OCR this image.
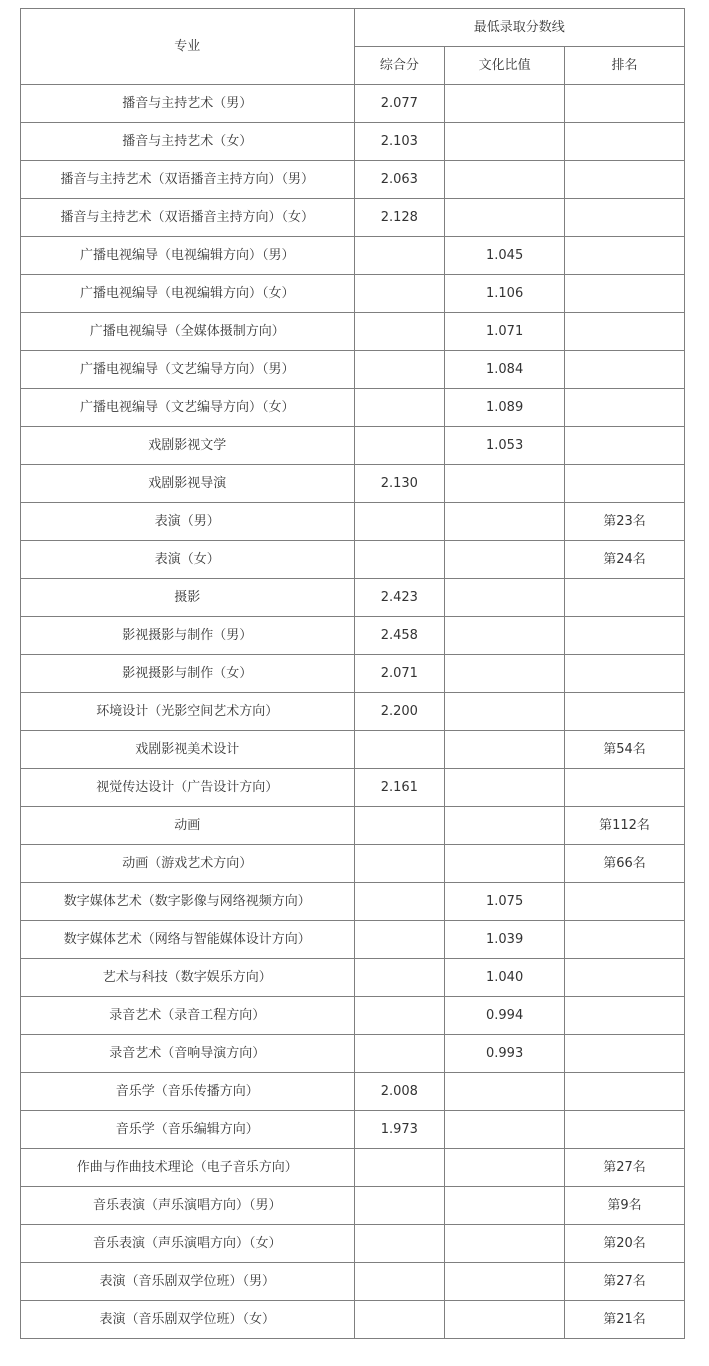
专业	最低录取分数线		
	综合分	文化比值	排名
播音与主持艺术（男）	2.077		
播音与主持艺术（女）	2.103		
播音与主持艺术（双语播音主持方向）（男）	2.063		
播音与主持艺术（双语播音主持方向）（女）	2.128		
广播电视编导（电视编辑方向）（男）		1.045	
广播电视编导（电视编辑方向）（女）		1.106	
广播电视编导（全媒体摄制方向）		1.071	
广播电视编导（文艺编导方向）（男）		1.084	
广播电视编导（文艺编导方向）（女）		1.089	
戏剧影视文学		1.053	
戏剧影视导演	2.130		
表演（男）			第23名
表演（女）			第24名
摄影	2.423		
影视摄影与制作（男）	2.458		
影视摄影与制作（女）	2.071		
环境设计（光影空间艺术方向）	2.200		
戏剧影视美术设计			第54名
视觉传达设计（广告设计方向）	2.161		
动画			第112名
动画（游戏艺术方向）			第66名
数字媒体艺术（数字影像与网络视频方向）		1.075	
数字媒体艺术（网络与智能媒体设计方向）		1.039	
艺术与科技（数字娱乐方向）		1.040	
录音艺术（录音工程方向）		0.994	
录音艺术（音响导演方向）		0.993	
音乐学（音乐传播方向）	2.008		
音乐学（音乐编辑方向）	1.973		
作曲与作曲技术理论（电子音乐方向）			第27名
音乐表演（声乐演唱方向）（男）			第9名
音乐表演（声乐演唱方向）（女）			第20名
表演（音乐剧双学位班）（男）			第27名
表演（音乐剧双学位班）（女）			第21名
